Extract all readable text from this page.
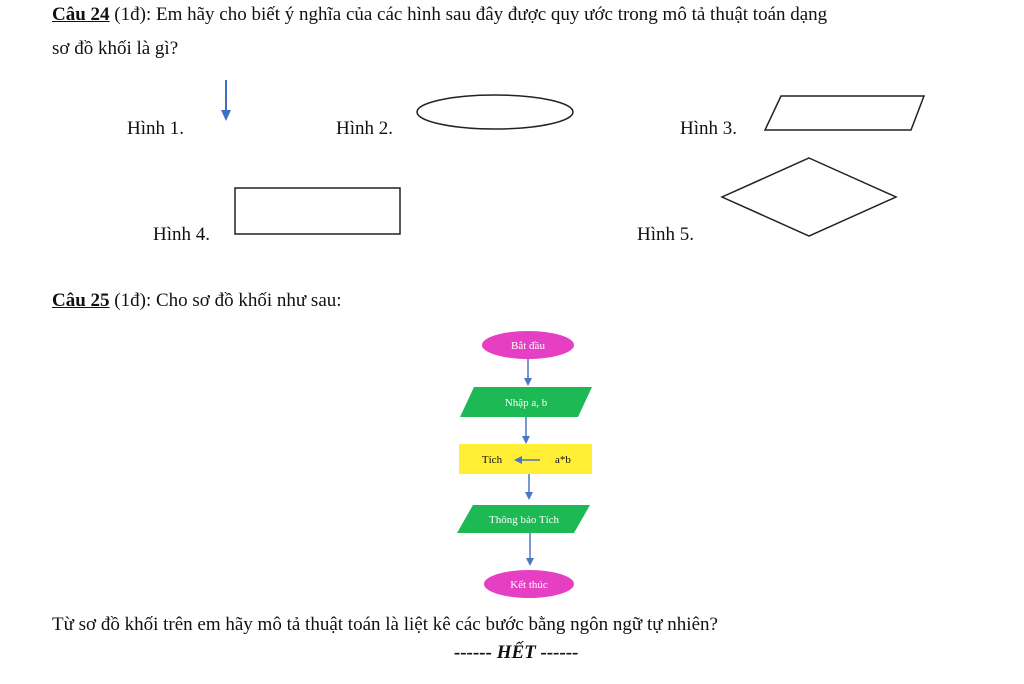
Câu 24 (1đ): Em hãy cho biết ý nghĩa của các hình sau đây được quy ước trong mô tả thuật toán dạng
sơ đồ khối là gì?
Hình 1.	Hình 2.	Hình 3.
Hình 4.	Hình 5.
Bắt đầu
Nhập a, b
Tích	a*b
Thông báo Tích
Kết thúc
Câu 25 (1đ): Cho sơ đồ khối như sau:
Từ sơ đồ khối trên em hãy mô tả thuật toán là liệt kê các bước bằng ngôn ngữ tự nhiên?
------ HẾT ------
